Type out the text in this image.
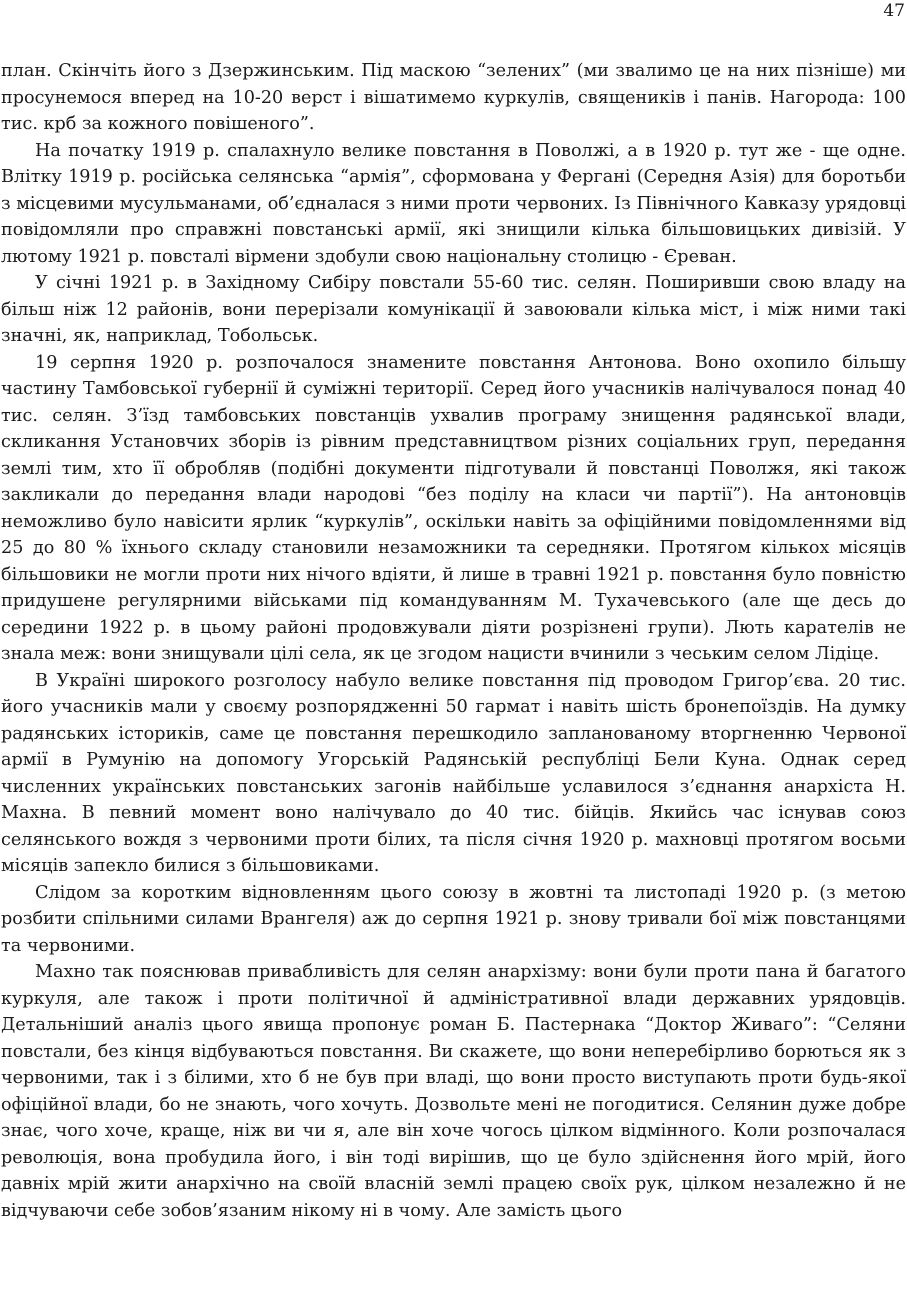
47

план. Скінчіть його з Дзержинським. Під маскою “зелених” (ми звалимо це на них пізніше) ми просунемося вперед на 10-20 верст і вішатимемо куркулів, священиків і панів. Нагорода: 100 тис. крб за кожного повішеного”.

На початку 1919 р. спалахнуло велике повстання в Поволжі, а в 1920 р. тут же - ще одне. Влітку 1919 р. російська селянська “армія”, сформована у Фергані (Середня Азія) для боротьби з місцевими мусульманами, об’єдналася з ними проти червоних. Із Північного Кавказу урядовці повідомляли про справжні повстанські армії, які знищили кілька більшовицьких дивізій. У лютому 1921 р. повсталі вірмени здобули свою національну столицю - Єреван.

У січні 1921 р. в Західному Сибіру повстали 55-60 тис. селян. Поширивши свою владу на більш ніж 12 районів, вони перерізали комунікації й завоювали кілька міст, і між ними такі значні, як, наприклад, Тобольськ.

19 серпня 1920 р. розпочалося знамените повстання Антонова. Воно охопило більшу частину Тамбовської губернії й суміжні території. Серед його учасників налічувалося понад 40 тис. селян. З’їзд тамбовських повстанців ухвалив програму знищення радянської влади, скликання Установчих зборів із рівним представництвом різних соціальних груп, передання землі тим, хто її обробляв (подібні документи підготували й повстанці Поволжя, які також закликали до передання влади народові “без поділу на класи чи партії”). На антоновців неможливо було навісити ярлик “куркулів”, оскільки навіть за офіційними повідомленнями від 25 до 80 % їхнього складу становили незаможники та середняки. Протягом кількох місяців більшовики не могли проти них нічого вдіяти, й лише в травні 1921 р. повстання було повністю придушене регулярними військами під командуванням М. Тухачевського (але ще десь до середини 1922 р. в цьому районі продовжували діяти розрізнені групи). Лють карателів не знала меж: вони знищували цілі села, як це згодом нацисти вчинили з чеським селом Лідіце.

В Україні широкого розголосу набуло велике повстання під проводом Григор’єва. 20 тис. його учасників мали у своєму розпорядженні 50 гармат і навіть шість бронепоїздів. На думку радянських істориків, саме це повстання перешкодило запланованому вторгненню Червоної армії в Румунію на допомогу Угорській Радянській республіці Бели Куна. Однак серед численних українських повстанських загонів найбільше уславилося з’єднання анархіста Н. Махна. В певний момент воно налічувало до 40 тис. бійців. Якийсь час існував союз селянського вождя з червоними проти білих, та після січня 1920 р. махновці протягом восьми місяців запекло билися з більшовиками.

Слідом за коротким відновленням цього союзу в жовтні та листопаді 1920 р. (з метою розбити спільними силами Врангеля) аж до серпня 1921 р. знову тривали бої між повстанцями та червоними.

Махно так пояснював привабливість для селян анархізму: вони були проти пана й багатого куркуля, але також і проти політичної й адміністративної влади державних урядовців. Детальніший аналіз цього явища пропонує роман Б. Пастернака “Доктор Живаго”: “Селяни повстали, без кінця відбуваються повстання. Ви скажете, що вони неперебірливо борються як з червоними, так і з білими, хто б не був при владі, що вони просто виступають проти будь-якої офіційної влади, бо не знають, чого хочуть. Дозвольте мені не погодитися. Селянин дуже добре знає, чого хоче, краще, ніж ви чи я, але він хоче чогось цілком відмінного. Коли розпочалася революція, вона пробудила його, і він тоді вирішив, що це було здійснення його мрій, його давніх мрій жити анархічно на своїй власній землі працею своїх рук, цілком незалежно й не відчуваючи себе зобов’язаним нікому ні в чому. Але замість цього
